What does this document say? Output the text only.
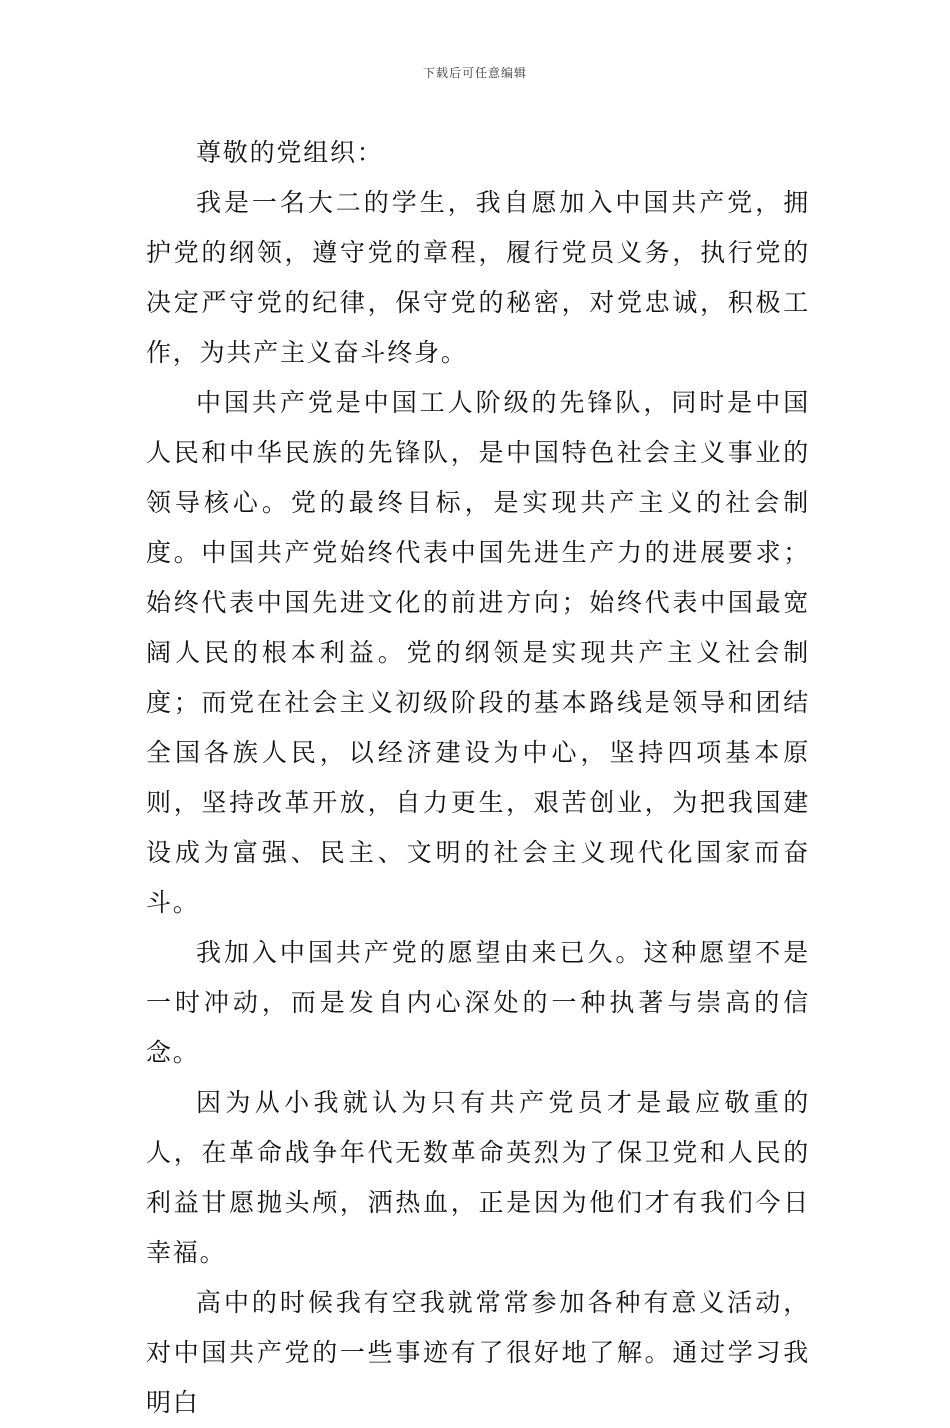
下载后可任意编辑

尊敬的党组织：

我是一名大二的学生，我自愿加入中国共产党，拥护党的纲领，遵守党的章程，履行党员义务，执行党的决定严守党的纪律，保守党的秘密，对党忠诚，积极工作，为共产主义奋斗终身。

中国共产党是中国工人阶级的先锋队，同时是中国人民和中华民族的先锋队，是中国特色社会主义事业的领导核心。党的最终目标，是实现共产主义的社会制度。中国共产党始终代表中国先进生产力的进展要求；始终代表中国先进文化的前进方向；始终代表中国最宽阔人民的根本利益。党的纲领是实现共产主义社会制度；而党在社会主义初级阶段的基本路线是领导和团结全国各族人民，以经济建设为中心，坚持四项基本原则，坚持改革开放，自力更生，艰苦创业，为把我国建设成为富强、民主、文明的社会主义现代化国家而奋斗。

我加入中国共产党的愿望由来已久。这种愿望不是一时冲动，而是发自内心深处的一种执著与崇高的信念。

因为从小我就认为只有共产党员才是最应敬重的人，在革命战争年代无数革命英烈为了保卫党和人民的利益甘愿抛头颅，洒热血，正是因为他们才有我们今日幸福。

高中的时候我有空我就常常参加各种有意义活动，对中国共产党的一些事迹有了很好地了解。通过学习我明白
